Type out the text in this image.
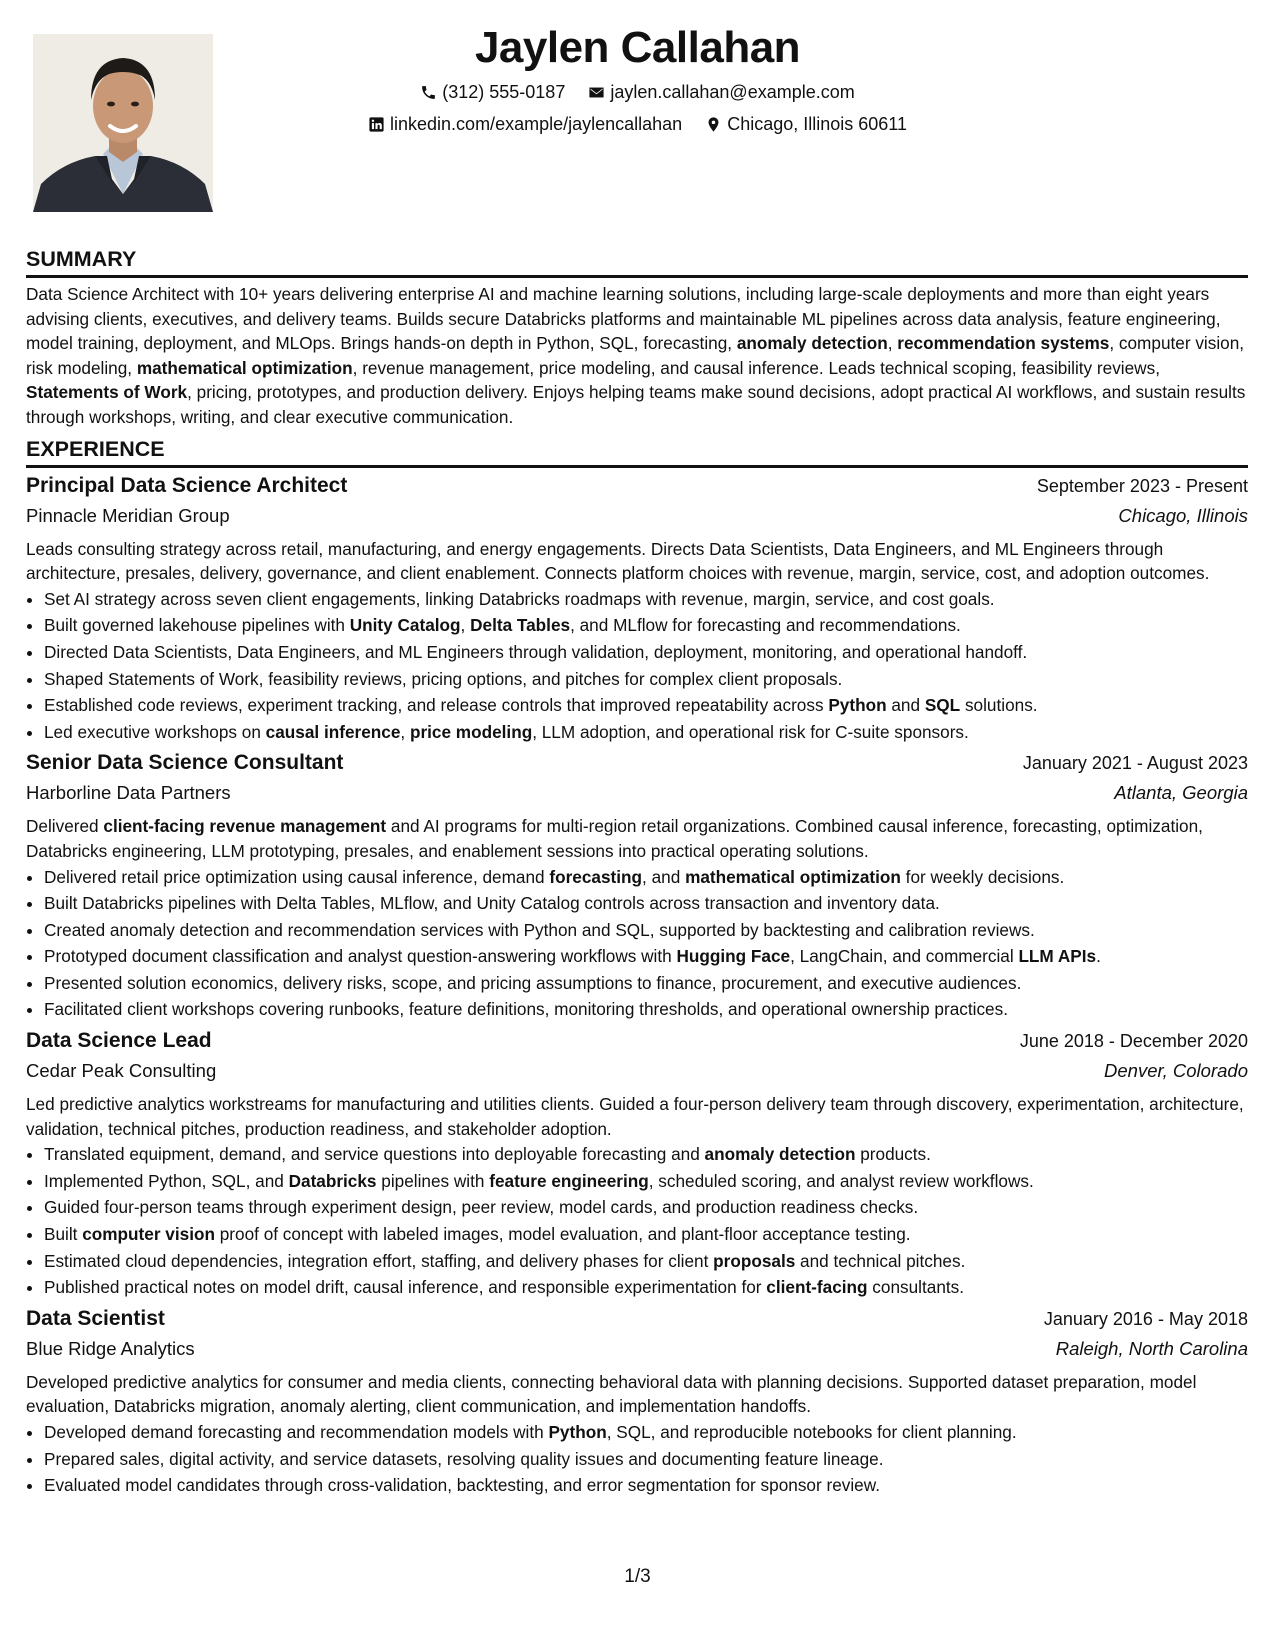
Jaylen Callahan
(312) 555-0187
	jaylen.callahan@example.com
linkedin.com/example/jaylencallahan
	Chicago, Illinois 60611
SUMMARY

Data Science Architect with 10+ years delivering enterprise AI and machine learning solutions, including large-scale deployments and more than eight years advising clients, executives, and delivery teams. Builds secure Databricks platforms and maintainable ML pipelines across data analysis, feature engineering, model training, deployment, and MLOps. Brings hands-on depth in Python, SQL, forecasting, anomaly detection, recommendation systems, computer vision, risk modeling, mathematical optimization, revenue management, price modeling, and causal inference. Leads technical scoping, feasibility reviews, Statements of Work, pricing, prototypes, and production delivery. Enjoys helping teams make sound decisions, adopt practical AI workflows, and sustain results through workshops, writing, and clear executive communication.

EXPERIENCE
Principal Data Science Architect	September 2023 - Present
Pinnacle Meridian Group	Chicago, Illinois

Leads consulting strategy across retail, manufacturing, and energy engagements. Directs Data Scientists, Data Engineers, and ML Engineers through architecture, presales, delivery, governance, and client enablement. Connects platform choices with revenue, margin, service, cost, and adoption outcomes.

• Set AI strategy across seven client engagements, linking Databricks roadmaps with revenue, margin, service, and cost goals.
• Built governed lakehouse pipelines with Unity Catalog, Delta Tables, and MLflow for forecasting and recommendations.
• Directed Data Scientists, Data Engineers, and ML Engineers through validation, deployment, monitoring, and operational handoff.
• Shaped Statements of Work, feasibility reviews, pricing options, and pitches for complex client proposals.
• Established code reviews, experiment tracking, and release controls that improved repeatability across Python and SQL solutions.
• Led executive workshops on causal inference, price modeling, LLM adoption, and operational risk for C-suite sponsors.
Senior Data Science Consultant	January 2021 - August 2023
Harborline Data Partners	Atlanta, Georgia

Delivered client-facing revenue management and AI programs for multi-region retail organizations. Combined causal inference, forecasting, optimization, Databricks engineering, LLM prototyping, presales, and enablement sessions into practical operating solutions.

• Delivered retail price optimization using causal inference, demand forecasting, and mathematical optimization for weekly decisions.
• Built Databricks pipelines with Delta Tables, MLflow, and Unity Catalog controls across transaction and inventory data.
• Created anomaly detection and recommendation services with Python and SQL, supported by backtesting and calibration reviews.
• Prototyped document classification and analyst question-answering workflows with Hugging Face, LangChain, and commercial LLM APIs.
• Presented solution economics, delivery risks, scope, and pricing assumptions to finance, procurement, and executive audiences.
• Facilitated client workshops covering runbooks, feature definitions, monitoring thresholds, and operational ownership practices.
Data Science Lead	June 2018 - December 2020
Cedar Peak Consulting	Denver, Colorado

Led predictive analytics workstreams for manufacturing and utilities clients. Guided a four-person delivery team through discovery, experimentation, architecture, validation, technical pitches, production readiness, and stakeholder adoption.

• Translated equipment, demand, and service questions into deployable forecasting and anomaly detection products.
• Implemented Python, SQL, and Databricks pipelines with feature engineering, scheduled scoring, and analyst review workflows.
• Guided four-person teams through experiment design, peer review, model cards, and production readiness checks.
• Built computer vision proof of concept with labeled images, model evaluation, and plant-floor acceptance testing.
• Estimated cloud dependencies, integration effort, staffing, and delivery phases for client proposals and technical pitches.
• Published practical notes on model drift, causal inference, and responsible experimentation for client-facing consultants.
Data Scientist	January 2016 - May 2018
Blue Ridge Analytics	Raleigh, North Carolina

Developed predictive analytics for consumer and media clients, connecting behavioral data with planning decisions. Supported dataset preparation, model evaluation, Databricks migration, anomaly alerting, client communication, and implementation handoffs.

• Developed demand forecasting and recommendation models with Python, SQL, and reproducible notebooks for client planning.
• Prepared sales, digital activity, and service datasets, resolving quality issues and documenting feature lineage.
• Evaluated model candidates through cross-validation, backtesting, and error segmentation for sponsor review.
1/3
